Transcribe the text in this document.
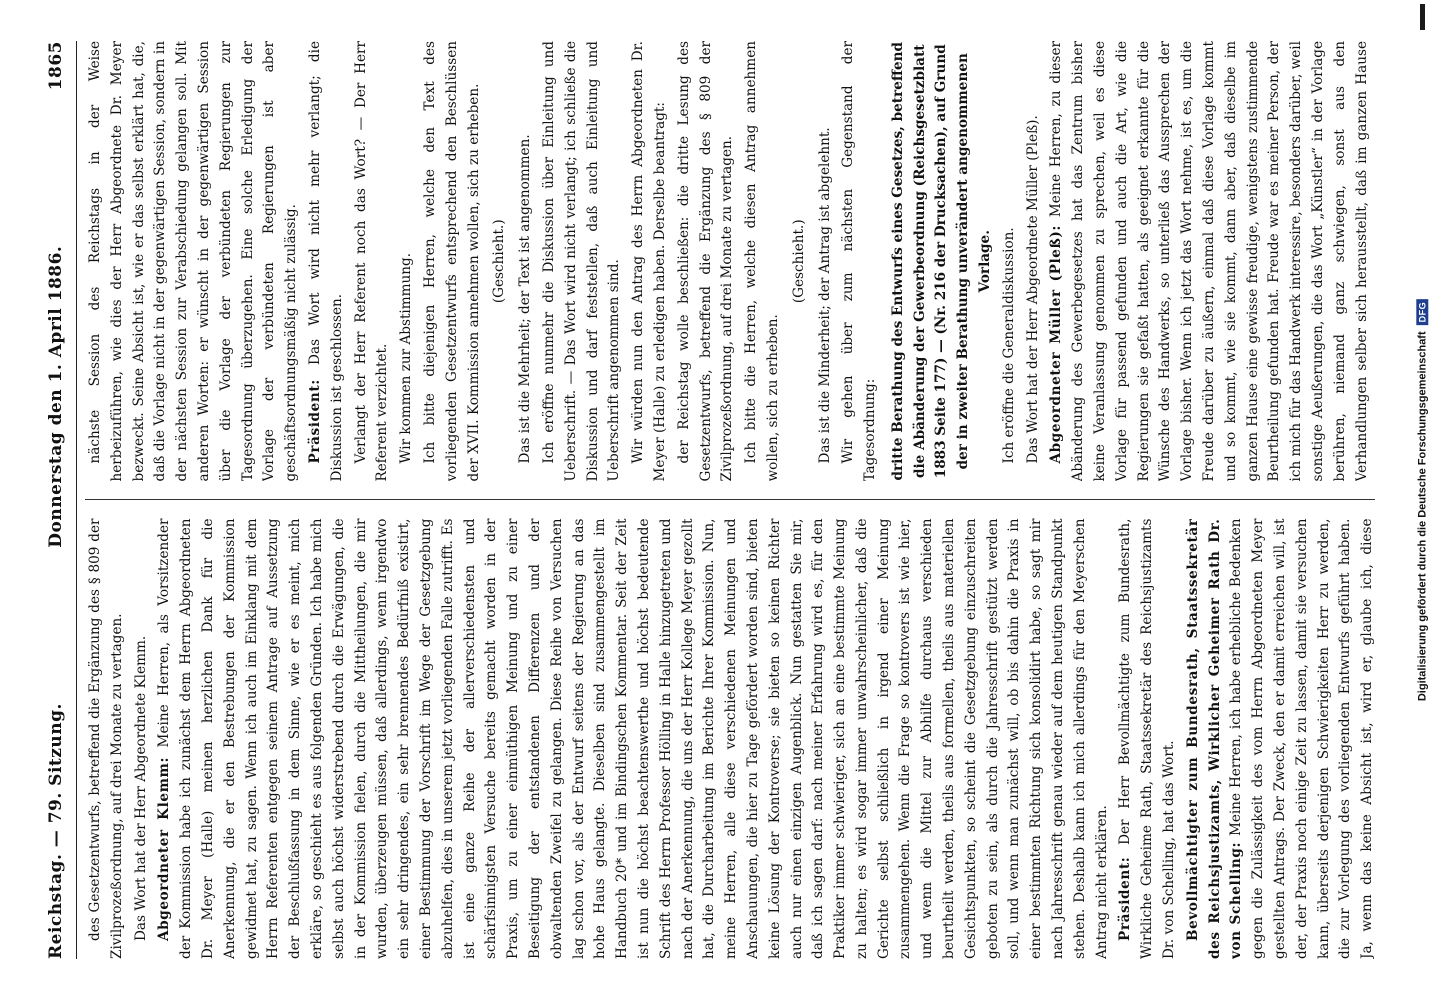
Reichstag. — 79. Sitzung.
Donnerstag den 1. April 1886.
1865

des Gesetzentwurfs, betreffend die Ergänzung des § 809 der Zivilprozeßordnung, auf drei Monate zu vertagen. Das Wort hat der Herr Abgeordnete Klemm. Abgeordneter Klemm: Meine Herren, als Vorsitzender der Kommission habe ich zunächst dem Herrn Abgeordneten Dr. Meyer (Halle) meinen herzlichen Dank für die Anerkennung, die er den Bestrebungen der Kommission gewidmet hat, zu sagen. Wenn ich auch im Einklang mit dem Herrn Referenten entgegen seinem Antrage auf Aussetzung der Beschlußfassung in dem Sinne, wie er es meint, mich erkläre, so geschieht es aus folgenden Gründen. Ich habe mich selbst auch höchst widerstrebend durch die Erwägungen, die in der Kommission fielen, durch die Mittheilungen, die mir wurden, überzeugen müssen, daß allerdings, wenn irgendwo ein sehr dringendes, ein sehr brennendes Bedürfniß existirt, einer Bestimmung der Vorschrift im Wege der Gesetzgebung abzuhelfen, dies in unserem jetzt vorliegenden Falle zutrifft. Es ist eine ganze Reihe der allerverschiedensten und schärfsinnigsten Versuche bereits gemacht worden in der Praxis, um zu einer einmüthigen Meinung und zu einer Beseitigung der entstandenen Differenzen und der obwaltenden Zweifel zu gelangen. Diese Reihe von Versuchen lag schon vor, als der Entwurf seitens der Regierung an das hohe Haus gelangte. Dieselben sind zusammengestellt im Handbuch 20* und im Bindingschen Kommentar. Seit der Zeit ist nun die höchst beachtenswerthe und höchst bedeutende Schrift des Herrn Professor Hölling in Halle hinzugetreten und nach der Anerkennung, die uns der Herr Kollege Meyer gezollt hat, die Durcharbeitung im Berichte Ihrer Kommission. Nun, meine Herren, alle diese verschiedenen Meinungen und Anschauungen, die hier zu Tage gefördert worden sind, bieten keine Lösung der Kontroverse; sie bieten so keinen Richter auch nur einen einzigen Augenblick. Nun gestatten Sie mir, daß ich sagen darf: nach meiner Erfahrung wird es, für den Praktiker immer schwieriger, sich an eine bestimmte Meinung zu halten; es wird sogar immer unwahrscheinlicher, daß die Gerichte selbst schließlich in irgend einer Meinung zusammengehen. Wenn die Frage so kontrovers ist wie hier, und wenn die Mittel zur Abhilfe durchaus verschieden beurtheilt werden, theils aus formellen, theils aus materiellen Gesichtspunkten, so scheint die Gesetzgebung einzuschreiten geboten zu sein, als durch die Jahresschrift gestützt werden soll, und wenn man zunächst will, ob bis dahin die Praxis in einer bestimmten Richtung sich konsolidirt habe, so sagt mir nach Jahresschrift genau wieder auf dem heutigen Standpunkt stehen. Deshalb kann ich mich allerdings für den Meyerschen Antrag nicht erklären. Präsident: Der Herr Bevollmächtigte zum Bundesrath, Wirkliche Geheime Rath, Staatssekretär des Reichsjustizamts Dr. von Schelling, hat das Wort. Bevollmächtigter zum Bundesrath, Staatssekretär des Reichsjustizamts, Wirklicher Geheimer Rath Dr. von Schelling: Meine Herren, ich habe erhebliche Bedenken gegen die Zulässigkeit des vom Herrn Abgeordneten Meyer gestellten Antrags. Der Zweck, den er damit erreichen will, ist der, der Praxis noch einige Zeit zu lassen, damit sie versuchen kann, überseits derjenigen Schwierigkeiten Herr zu werden, die zur Vorlegung des vorliegenden Entwurfs geführt haben. Ja, wenn das keine Absicht ist, wird er, glaube ich, diese

nächste Session des Reichstags in der Weise herbeizuführen, wie dies der Herr Abgeordnete Dr. Meyer bezweckt. Seine Absicht ist, wie er das selbst erklärt hat, die, daß die Vorlage nicht in der gegenwärtigen Session, sondern in der nächsten Session zur Verabschiedung gelangen soll. Mit anderen Worten: er wünscht in der gegenwärtigen Session über die Vorlage der verbündeten Regierungen zur Tagesordnung überzugehen. Eine solche Erledigung der Vorlage der verbündeten Regierungen ist aber geschäftsordnungsmäßig nicht zulässig. Präsident: Das Wort wird nicht mehr verlangt; die Diskussion ist geschlossen. Verlangt der Herr Referent noch das Wort? — Der Herr Referent verzichtet. Wir kommen zur Abstimmung. Ich bitte diejenigen Herren, welche den Text des vorliegenden Gesetzentwurfs entsprechend den Beschlüssen der XVII. Kommission annehmen wollen, sich zu erheben. (Geschieht.) Das ist die Mehrheit; der Text ist angenommen. Ich eröffne nunmehr die Diskussion über Einleitung und Ueberschrift. — Das Wort wird nicht verlangt; ich schließe die Diskussion und darf feststellen, daß auch Einleitung und Ueberschrift angenommen sind. Wir würden nun den Antrag des Herrn Abgeordneten Dr. Meyer (Halle) zu erledigen haben. Derselbe beantragt: der Reichstag wolle beschließen: die dritte Lesung des Gesetzentwurfs, betreffend die Ergänzung des § 809 der Zivilprozeßordnung, auf drei Monate zu vertagen. Ich bitte die Herren, welche diesen Antrag annehmen wollen, sich zu erheben.

(Geschieht.) Das ist die Minderheit; der Antrag ist abgelehnt. Wir gehen über zum nächsten Gegenstand der Tagesordnung: dritte Berathung des Entwurfs eines Gesetzes, betreffend die Abänderung der Gewerbeordnung (Reichsgesetzblatt 1883 Seite 177) — (Nr. 216 der Drucksachen), auf Grund der in zweiter Berathung unverändert angenommenen Vorlage. Ich eröffne die Generaldiskussion. Das Wort hat der Herr Abgeordnete Müller (Pleß). Abgeordneter Müller (Pleß): Meine Herren, zu dieser Abänderung des Gewerbegesetzes hat das Zentrum bisher keine Veranlassung genommen zu sprechen, weil es diese Vorlage für passend gefunden und auch die Art, wie die Regierungen sie gefaßt hatten, als geeignet erkannte für die Wünsche des Handwerks, so unterließ das Aussprechen der Vorlage bisher. Wenn ich jetzt das Wort nehme, ist es, um die Freude darüber zu äußern, einmal daß diese Vorlage kommt und so kommt, wie sie kommt, dann aber, daß dieselbe im ganzen Hause eine gewisse freudige, wenigstens zustimmende Beurtheilung gefunden hat. Freude war es meiner Person, der ich mich für das Handwerk interessire, besonders darüber, weil sonstige Aeußerungen, die das Wort „Künstler“ in der Vorlage berühren, niemand ganz schwiegen, sonst aus den Verhandlungen selber sich herausstellt, daß im ganzen Hause

Digitalisierung gefördert durch die Deutsche Forschungsgemeinschaft
DFG
